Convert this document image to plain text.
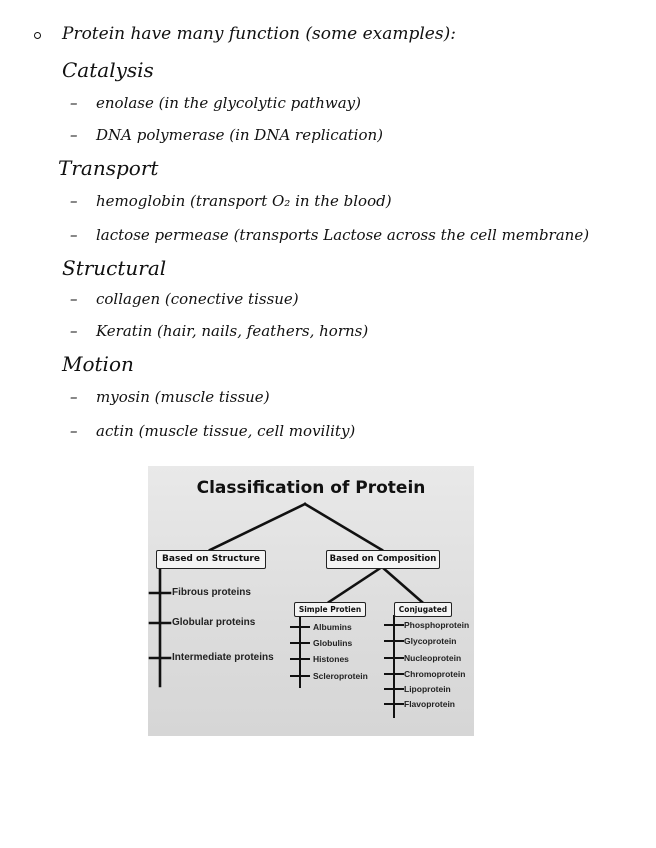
Protein have many function (some examples):
Catalysis
– enolase (in the glycolytic pathway)
– DNA polymerase (in DNA replication)
Transport
– hemoglobin (transport O₂ in the blood)
– lactose permease (transports Lactose across the cell membrane)
Structural
– collagen (conective tissue)
– Keratin (hair, nails, feathers, horns)
Motion
– myosin (muscle tissue)
– actin (muscle tissue, cell movility)
Classification of Protein
Based on Structure	Based on Composition
Simple Protien	Conjugated
Fibrous proteins
Globular proteins
Intermediate proteins
Albumins
Globulins
Histones
Scleroprotein
Phosphoprotein
Glycoprotein
Nucleoprotein
Chromoprotein
Lipoprotein
Flavoprotein
